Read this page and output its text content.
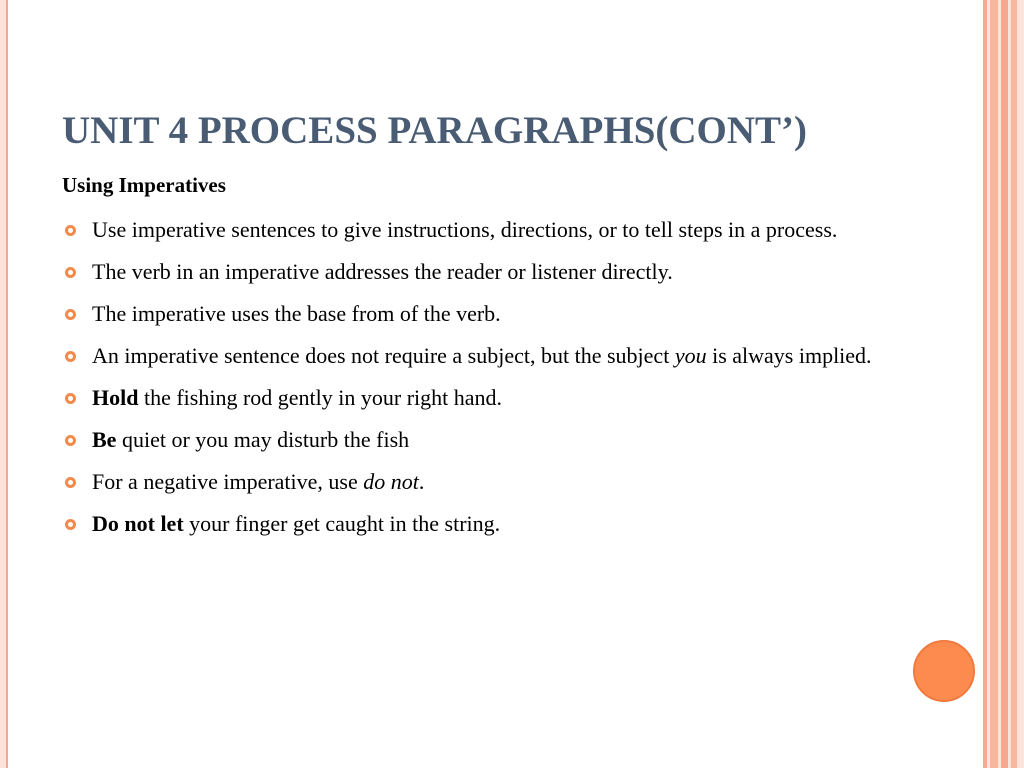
UNIT 4 PROCESS PARAGRAPHS(CONT’)
Using Imperatives
Use imperative sentences to give instructions, directions, or to tell steps in a process.
The verb in an imperative addresses the reader or listener directly.
The imperative uses the base from of the verb.
An imperative sentence does not require a subject, but the subject you is always implied.
Hold the fishing rod gently in your right hand.
Be quiet or you may disturb the fish
For a negative imperative, use do not.
Do not let your finger get caught in the string.
